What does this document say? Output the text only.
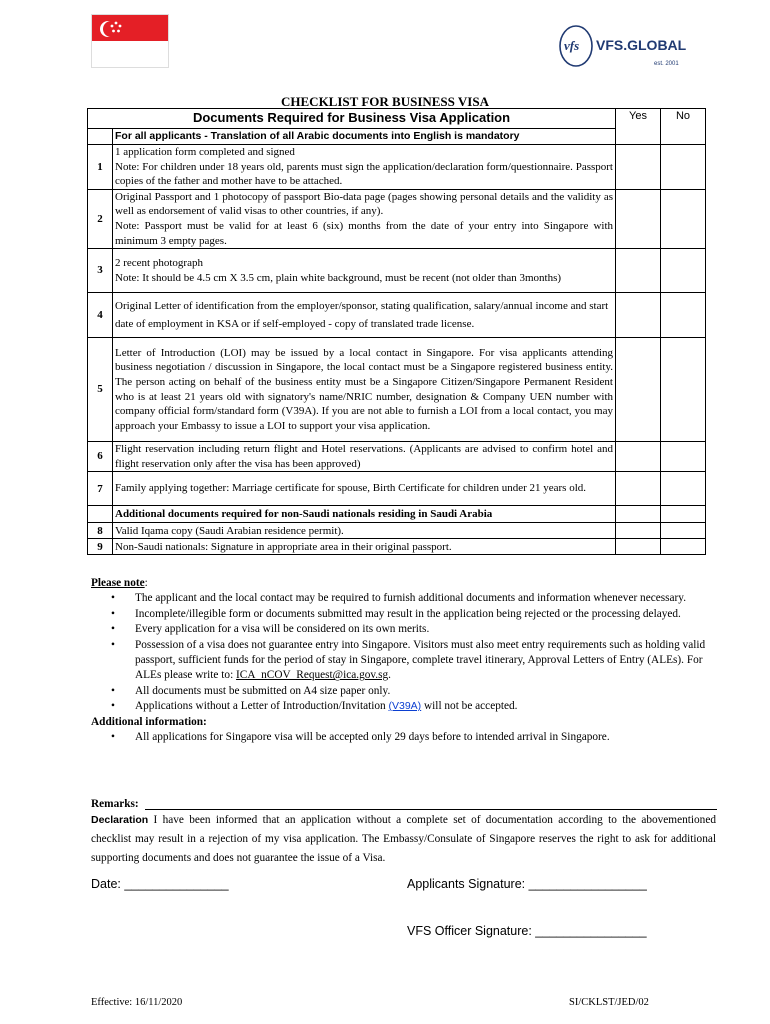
vfs VFS.GLOBAL
est. 2001
CHECKLIST FOR BUSINESS VISA
Documents Required for Business Visa Application		Yes	No
	For all applicants - Translation of all Arabic documents into English is mandatory		
1	1 application form completed and signed
Note: For children under 18 years old, parents must sign the application/declaration form/questionnaire. Passport copies of the father and mother have to be attached.		

2	Original Passport and 1 photocopy of passport Bio-data page (pages showing personal details and the validity as well as endorsement of valid visas to other countries, if any).
Note: Passport must be valid for at least 6 (six) months from the date of your entry into Singapore with minimum 3 empty pages.		

3	2 recent photograph
Note: It should be 4.5 cm X 3.5 cm, plain white background, must be recent (not older than 3months)		

4	Original Letter of identification from the employer/sponsor, stating qualification, salary/annual income and start date of employment in KSA or if self-employed - copy of translated trade license.		

5	Letter of Introduction (LOI) may be issued by a local contact in Singapore. For visa applicants attending business negotiation / discussion in Singapore, the local contact must be a Singapore registered business entity. The person acting on behalf of the business entity must be a Singapore Citizen/Singapore Permanent Resident who is at least 21 years old with signatory's name/NRIC number, designation & Company UEN number with company official form/standard form (V39A). If you are not able to furnish a LOI from a local contact, you may approach your Embassy to issue a LOI to support your visa application.		

6	Flight reservation including return flight and Hotel reservations. (Applicants are advised to confirm hotel and flight reservation only after the visa has been approved)		

7	Family applying together: Marriage certificate for spouse, Birth Certificate for children under 21 years old.		

	Additional documents required for non-Saudi nationals residing in Saudi Arabia		
8	Valid Iqama copy (Saudi Arabian residence permit).		
9	Non-Saudi nationals: Signature in appropriate area in their original passport.		
Please note:
• The applicant and the local contact may be required to furnish additional documents and information whenever necessary.
• Incomplete/illegible form or documents submitted may result in the application being rejected or the processing delayed.
• Every application for a visa will be considered on its own merits.
• Possession of a visa does not guarantee entry into Singapore. Visitors must also meet entry requirements such as holding valid passport, sufficient funds for the period of stay in Singapore, complete travel itinerary, Approval Letters of Entry (ALEs). For ALEs please write to: ICA_nCOV_Request@ica.gov.sg.
• All documents must be submitted on A4 size paper only.
• Applications without a Letter of Introduction/Invitation (V39A) will not be accepted.
Additional information:
• All applications for Singapore visa will be accepted only 29 days before to intended arrival in Singapore.
Remarks:
Declaration I have been informed that an application without a complete set of documentation according to the abovementioned checklist may result in a rejection of my visa application. The Embassy/Consulate of Singapore reserves the right to ask for additional supporting documents and does not guarantee the issue of a Visa.
Date: _______________	Applicants Signature: _________________
VFS Officer Signature: ________________
Effective: 16/11/2020	SI/CKLST/JED/02
